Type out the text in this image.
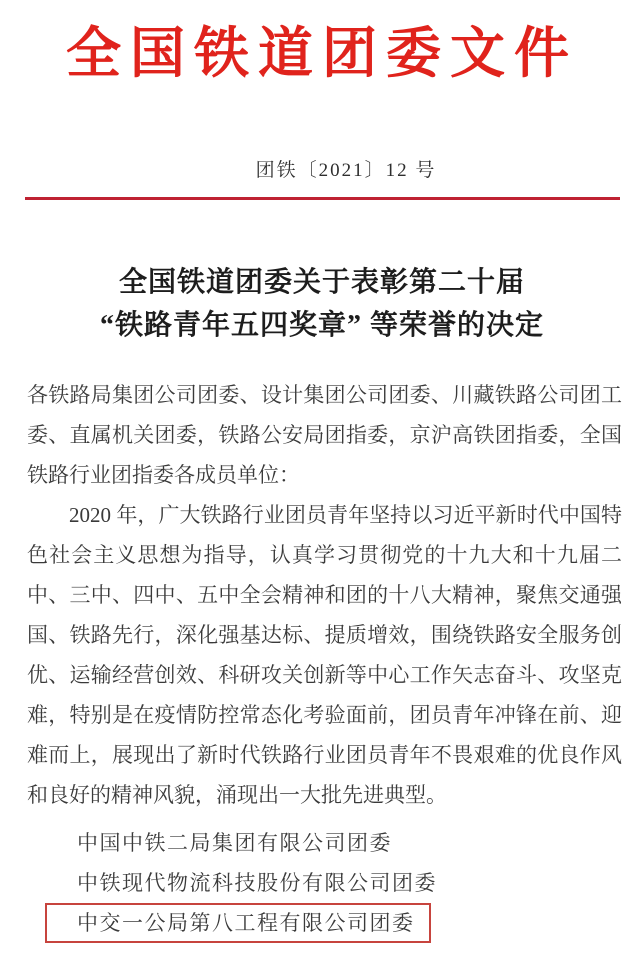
全国铁道团委文件
团铁〔2021〕12 号
全国铁道团委关于表彰第二十届
“铁路青年五四奖章” 等荣誉的决定

各铁路局集团公司团委、设计集团公司团委、川藏铁路公司团工委、直属机关团委，铁路公安局团指委，京沪高铁团指委，全国铁路行业团指委各成员单位：

2020 年，广大铁路行业团员青年坚持以习近平新时代中国特色社会主义思想为指导，认真学习贯彻党的十九大和十九届二中、三中、四中、五中全会精神和团的十八大精神，聚焦交通强国、铁路先行，深化强基达标、提质增效，围绕铁路安全服务创优、运输经营创效、科研攻关创新等中心工作矢志奋斗、攻坚克难，特别是在疫情防控常态化考验面前，团员青年冲锋在前、迎难而上，展现出了新时代铁路行业团员青年不畏艰难的优良作风和良好的精神风貌，涌现出一大批先进典型。

中国中铁二局集团有限公司团委
中铁现代物流科技股份有限公司团委
中交一公局第八工程有限公司团委
